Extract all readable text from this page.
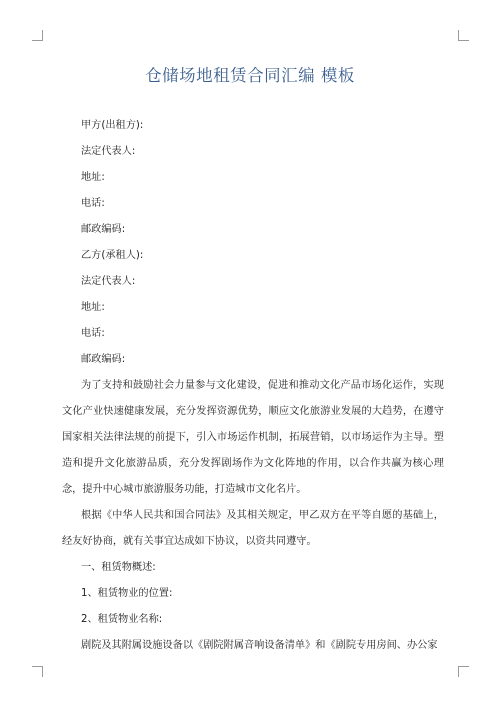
仓储场地租赁合同汇编 模板
甲方(出租方):
法定代表人:
地址:
电话:
邮政编码:
乙方(承租人):
法定代表人:
地址:
电话:
邮政编码:

为了支持和鼓励社会力量参与文化建设，促进和推动文化产品市场化运作，实现文化产业快速健康发展，充分发挥资源优势，顺应文化旅游业发展的大趋势，在遵守国家相关法律法规的前提下，引入市场运作机制，拓展营销，以市场运作为主导。塑造和提升文化旅游品质，充分发挥剧场作为文化阵地的作用，以合作共赢为核心理念，提升中心城市旅游服务功能，打造城市文化名片。

根据《中华人民共和国合同法》及其相关规定，甲乙双方在平等自愿的基础上，经友好协商，就有关事宜达成如下协议，以资共同遵守。

一、租赁物概述:
1、租赁物业的位置:
2、租赁物业名称:
剧院及其附属设施设备以《剧院附属音响设备清单》和《剧院专用房间、办公家
